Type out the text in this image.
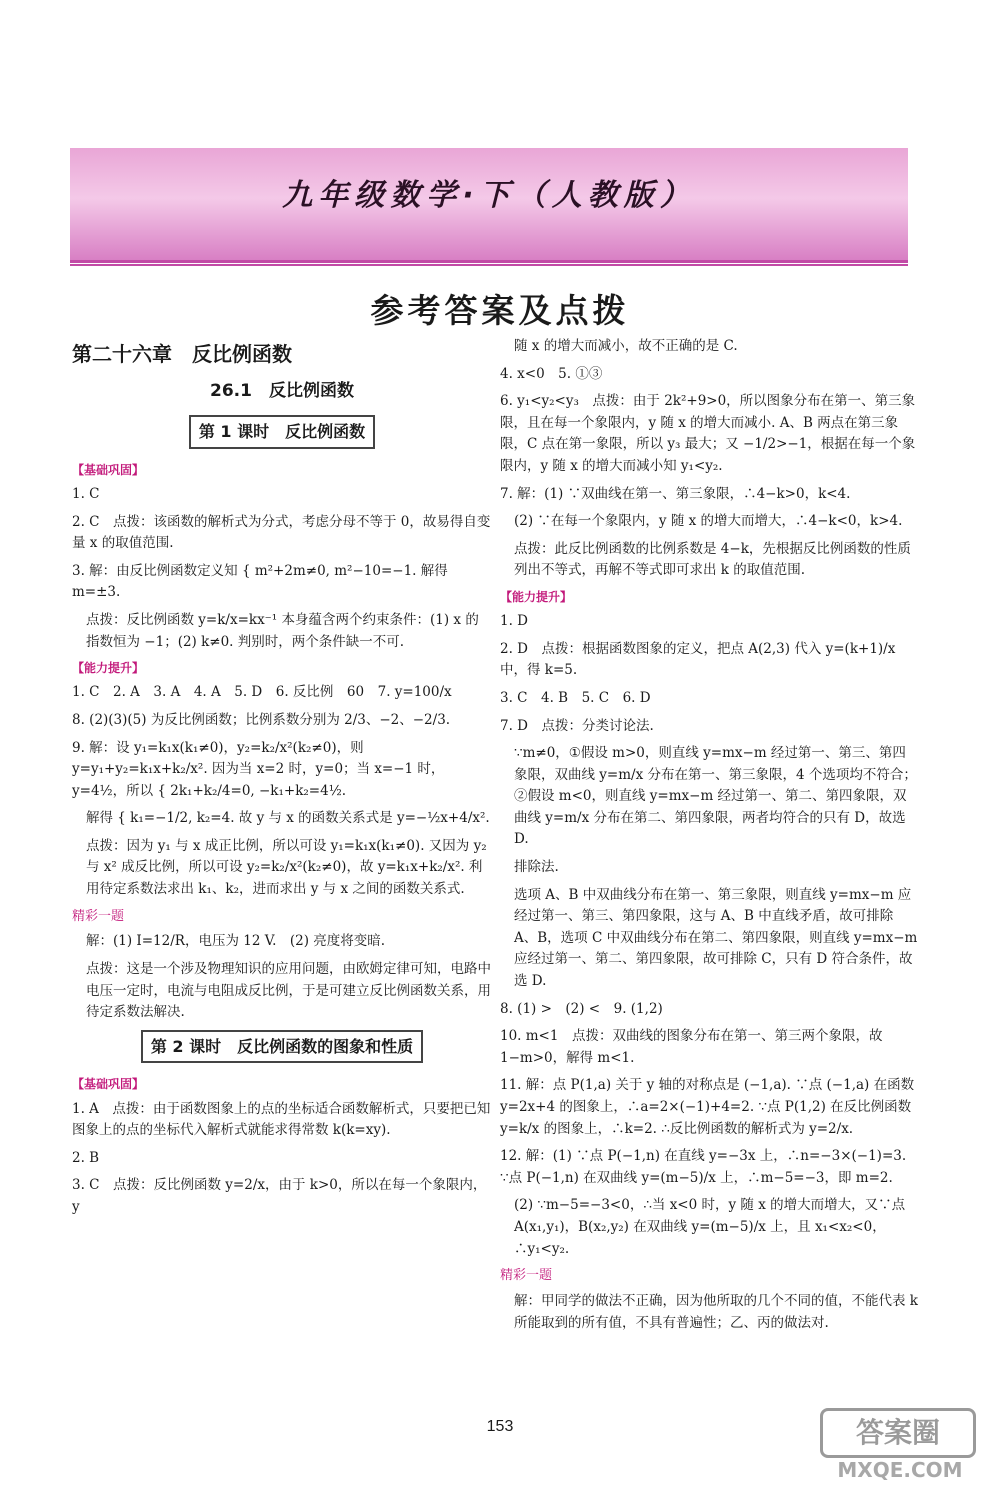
九年级数学·下（人教版）
参考答案及点拨
第二十六章　反比例函数
26.1　反比例函数
第 1 课时　反比例函数
【基础巩固】

1. C

2. C　点拨：该函数的解析式为分式，考虑分母不等于 0，故易得自变量 x 的取值范围.

3. 解：由反比例函数定义知 { m²+2m≠0, m²−10=−1. 解得 m=±3.

点拨：反比例函数 y=k/x=kx⁻¹ 本身蕴含两个约束条件：(1) x 的指数恒为 −1；(2) k≠0. 判别时，两个条件缺一不可.

【能力提升】

1. C　2. A　3. A　4. A　5. D　6. 反比例　60　7. y=100/x

8. (2)(3)(5) 为反比例函数；比例系数分别为 2/3、−2、−2/3.

9. 解：设 y₁=k₁x(k₁≠0)，y₂=k₂/x²(k₂≠0)，则 y=y₁+y₂=k₁x+k₂/x². 因为当 x=2 时，y=0；当 x=−1 时，y=4½，所以 { 2k₁+k₂/4=0, −k₁+k₂=4½.

解得 { k₁=−1/2, k₂=4. 故 y 与 x 的函数关系式是 y=−½x+4/x².

点拨：因为 y₁ 与 x 成正比例，所以可设 y₁=k₁x(k₁≠0). 又因为 y₂ 与 x² 成反比例，所以可设 y₂=k₂/x²(k₂≠0)，故 y=k₁x+k₂/x². 利用待定系数法求出 k₁、k₂，进而求出 y 与 x 之间的函数关系式.

精彩一题

解：(1) I=12/R，电压为 12 V.　(2) 亮度将变暗.

点拨：这是一个涉及物理知识的应用问题，由欧姆定律可知，电路中电压一定时，电流与电阻成反比例，于是可建立反比例函数关系，用待定系数法解决.

第 2 课时　反比例函数的图象和性质
【基础巩固】

1. A　点拨：由于函数图象上的点的坐标适合函数解析式，只要把已知图象上的点的坐标代入解析式就能求得常数 k(k=xy).

2. B

3. C　点拨：反比例函数 y=2/x，由于 k>0，所以在每一个象限内，y

随 x 的增大而减小，故不正确的是 C.

4. x<0　5. ①③

6. y₁<y₂<y₃　点拨：由于 2k²+9>0，所以图象分布在第一、第三象限，且在每一个象限内，y 随 x 的增大而减小. A、B 两点在第三象限，C 点在第一象限，所以 y₃ 最大；又 −1/2>−1，根据在每一个象限内，y 随 x 的增大而减小知 y₁<y₂.

7. 解：(1) ∵双曲线在第一、第三象限，∴4−k>0，k<4.

(2) ∵在每一个象限内，y 随 x 的增大而增大，∴4−k<0，k>4.

点拨：此反比例函数的比例系数是 4−k，先根据反比例函数的性质列出不等式，再解不等式即可求出 k 的取值范围.

【能力提升】

1. D

2. D　点拨：根据函数图象的定义，把点 A(2,3) 代入 y=(k+1)/x 中，得 k=5.

3. C　4. B　5. C　6. D

7. D　点拨：分类讨论法.

∵m≠0，①假设 m>0，则直线 y=mx−m 经过第一、第三、第四象限，双曲线 y=m/x 分布在第一、第三象限，4 个选项均不符合；②假设 m<0，则直线 y=mx−m 经过第一、第二、第四象限，双曲线 y=m/x 分布在第二、第四象限，两者均符合的只有 D，故选 D.

排除法.

选项 A、B 中双曲线分布在第一、第三象限，则直线 y=mx−m 应经过第一、第三、第四象限，这与 A、B 中直线矛盾，故可排除 A、B，选项 C 中双曲线分布在第二、第四象限，则直线 y=mx−m 应经过第一、第二、第四象限，故可排除 C，只有 D 符合条件，故选 D.

8. (1) >　(2) <　9. (1,2)

10. m<1　点拨：双曲线的图象分布在第一、第三两个象限，故 1−m>0，解得 m<1.

11. 解：点 P(1,a) 关于 y 轴的对称点是 (−1,a). ∵点 (−1,a) 在函数 y=2x+4 的图象上，∴a=2×(−1)+4=2. ∵点 P(1,2) 在反比例函数 y=k/x 的图象上，∴k=2. ∴反比例函数的解析式为 y=2/x.

12. 解：(1) ∵点 P(−1,n) 在直线 y=−3x 上，∴n=−3×(−1)=3. ∵点 P(−1,n) 在双曲线 y=(m−5)/x 上，∴m−5=−3，即 m=2.

(2) ∵m−5=−3<0，∴当 x<0 时，y 随 x 的增大而增大，又∵点 A(x₁,y₁)，B(x₂,y₂) 在双曲线 y=(m−5)/x 上，且 x₁<x₂<0，∴y₁<y₂.

精彩一题

解：甲同学的做法不正确，因为他所取的几个不同的值，不能代表 k 所能取到的所有值，不具有普遍性；乙、丙的做法对.

153	答案圈
MXQE.COM
